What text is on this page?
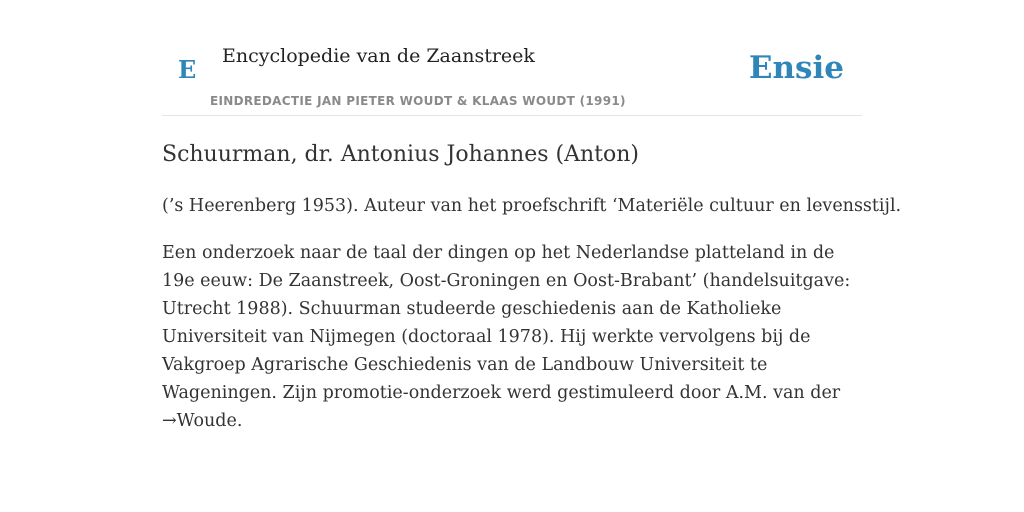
E Encyclopedie van de Zaanstreek
EINDREDACTIE JAN PIETER WOUDT & KLAAS WOUDT (1991)
Ensie
Schuurman, dr. Antonius Johannes (Anton)

(’s Heerenberg 1953). Auteur van het proefschrift ‘Materiële cultuur en levensstijl.

Een onderzoek naar de taal der dingen op het Nederlandse platteland in de 19e eeuw: De Zaanstreek, Oost-Groningen en Oost-Brabant’ (handelsuitgave: Utrecht 1988). Schuurman studeerde geschiedenis aan de Katholieke Universiteit van Nijmegen (doctoraal 1978). Hij werkte vervolgens bij de Vakgroep Agrarische Geschiedenis van de Landbouw Universiteit te Wageningen. Zijn promotie-onderzoek werd gestimuleerd door A.M. van der →Woude.
